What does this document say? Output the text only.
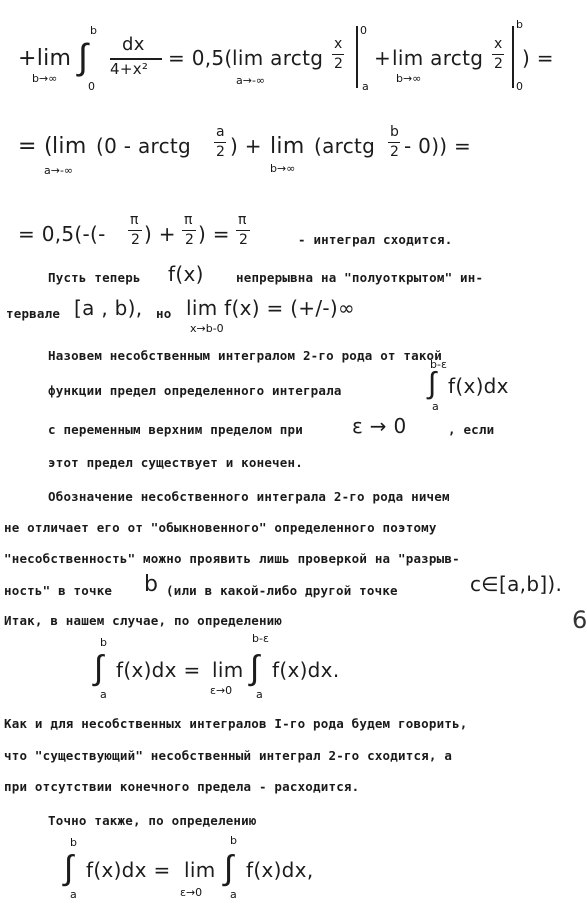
+lim
b→∞
∫
b
0
dx
4+x² = 0,5( lim arctg
a→-∞
x
2
0
a
+ lim arctg
b→∞
x
2
b
0
) =
= ( lim
a→-∞
(0 - arctg
a
2 ) + lim
b→∞
(arctg
b
2 - 0)) =
= 0,5(-(-
π
2 ) +
π
2 ) =
π
2	- интеграл сходится.
Пусть теперь f(x)	непрерывна на "полуоткрытом" ин-
тервале [a , b), но lim f(x) = (+/-)∞
x→b-0
Назовем несобственным интегралом 2-го рода от такой
функции предел определенного интеграла	∫
b-ε
a
f(x)dx
с переменным верхним пределом при ε → 0	, если
этот предел существует и конечен.
Обозначение несобственного интеграла 2-го рода ничем
не отличает его от "обыкновенного" определенного поэтому
"несобственность" можно проявить лишь проверкой на "разрыв-
ность" в точке b (или в какой-либо другой точке	c∈[a,b]).
Итак, в нашем случае, по определению	6
∫
b
a
f(x)dx = lim
ε→0
∫
b-ε
a
f(x)dx.
Как и для несобственных интегралов I-го рода будем говорить,
что "существующий" несобственный интеграл 2-го сходится, а
при отсутствии конечного предела - расходится.
Точно также, по определению
∫
b
a
f(x)dx = lim
ε→0
∫
b
a
f(x)dx,
